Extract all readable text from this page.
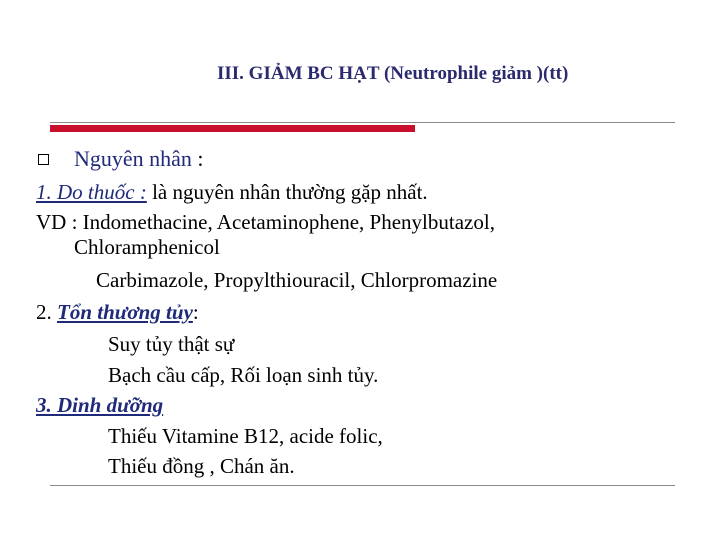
III. GIẢM BC HẠT (Neutrophile giảm )(tt)
Nguyên nhân :
1. Do thuốc : là nguyên nhân thường gặp nhất.
VD : Indomethacine, Acetaminophene, Phenylbutazol,
Chloramphenicol
Carbimazole, Propylthiouracil, Chlorpromazine
2. Tổn thương tủy:
Suy tủy thật sự
Bạch cầu cấp, Rối loạn sinh tủy.
3. Dinh dưỡng
Thiếu Vitamine B12, acide folic,
Thiếu đồng , Chán ăn.
